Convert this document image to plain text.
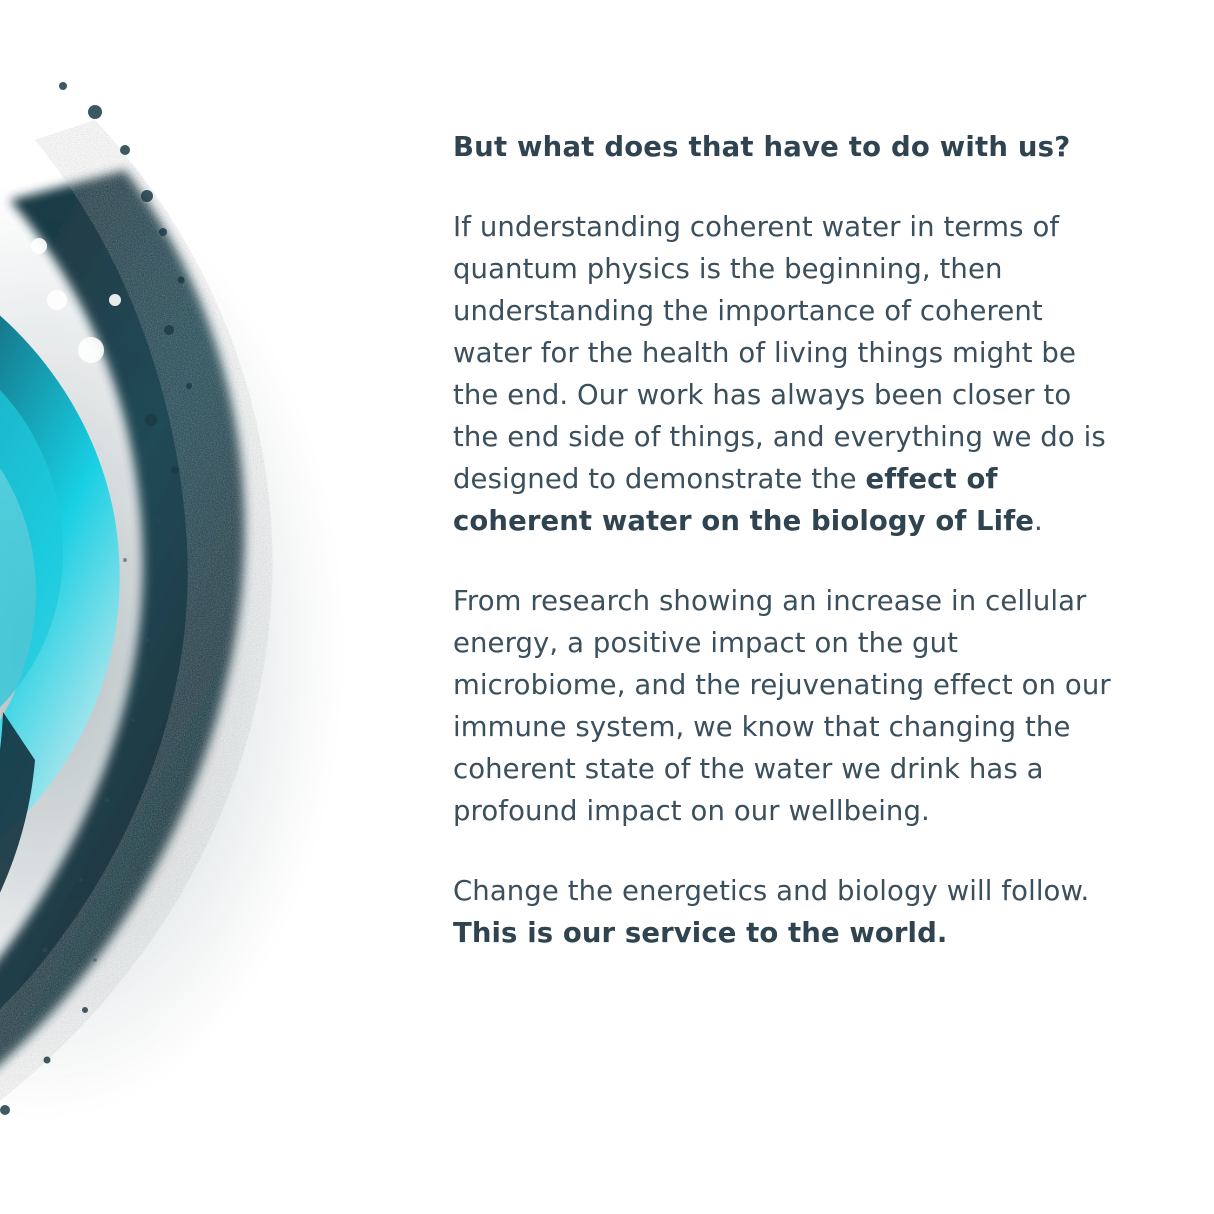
But what does that have to do with us?

If understanding coherent water in terms of quantum physics is the beginning, then understanding the importance of coherent water for the health of living things might be the end. Our work has always been closer to the end side of things, and everything we do is designed to demonstrate the effect of coherent water on the biology of Life.

From research showing an increase in cellular energy, a positive impact on the gut microbiome, and the rejuvenating effect on our immune system, we know that changing the coherent state of the water we drink has a profound impact on our wellbeing.

Change the energetics and biology will follow. This is our service to the world.
